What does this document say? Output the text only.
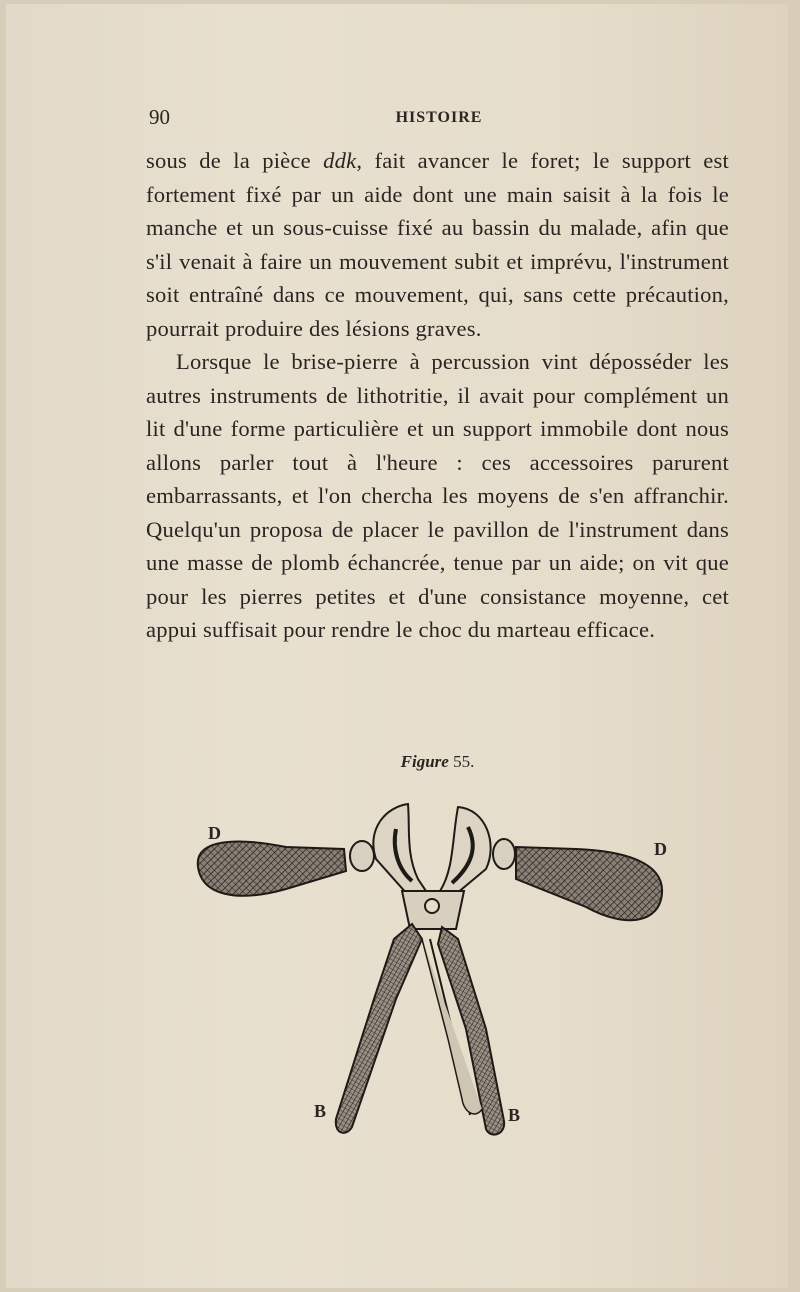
90	HISTOIRE

sous de la pièce ddk, fait avancer le foret; le support est fortement fixé par un aide dont une main saisit à la fois le manche et un sous-cuisse fixé au bassin du malade, afin que s'il venait à faire un mouvement subit et imprévu, l'instrument soit entraîné dans ce mouvement, qui, sans cette précaution, pourrait produire des lésions graves.

Lorsque le brise-pierre à percussion vint déposséder les autres instruments de lithotritie, il avait pour complément un lit d'une forme particulière et un support immobile dont nous allons parler tout à l'heure : ces accessoires parurent embarrassants, et l'on chercha les moyens de s'en affranchir. Quelqu'un proposa de placer le pavillon de l'instrument dans une masse de plomb échancrée, tenue par un aide; on vit que pour les pierres petites et d'une consistance moyenne, cet appui suffisait pour rendre le choc du marteau efficace.

Figure 55.
D
D
B	B
